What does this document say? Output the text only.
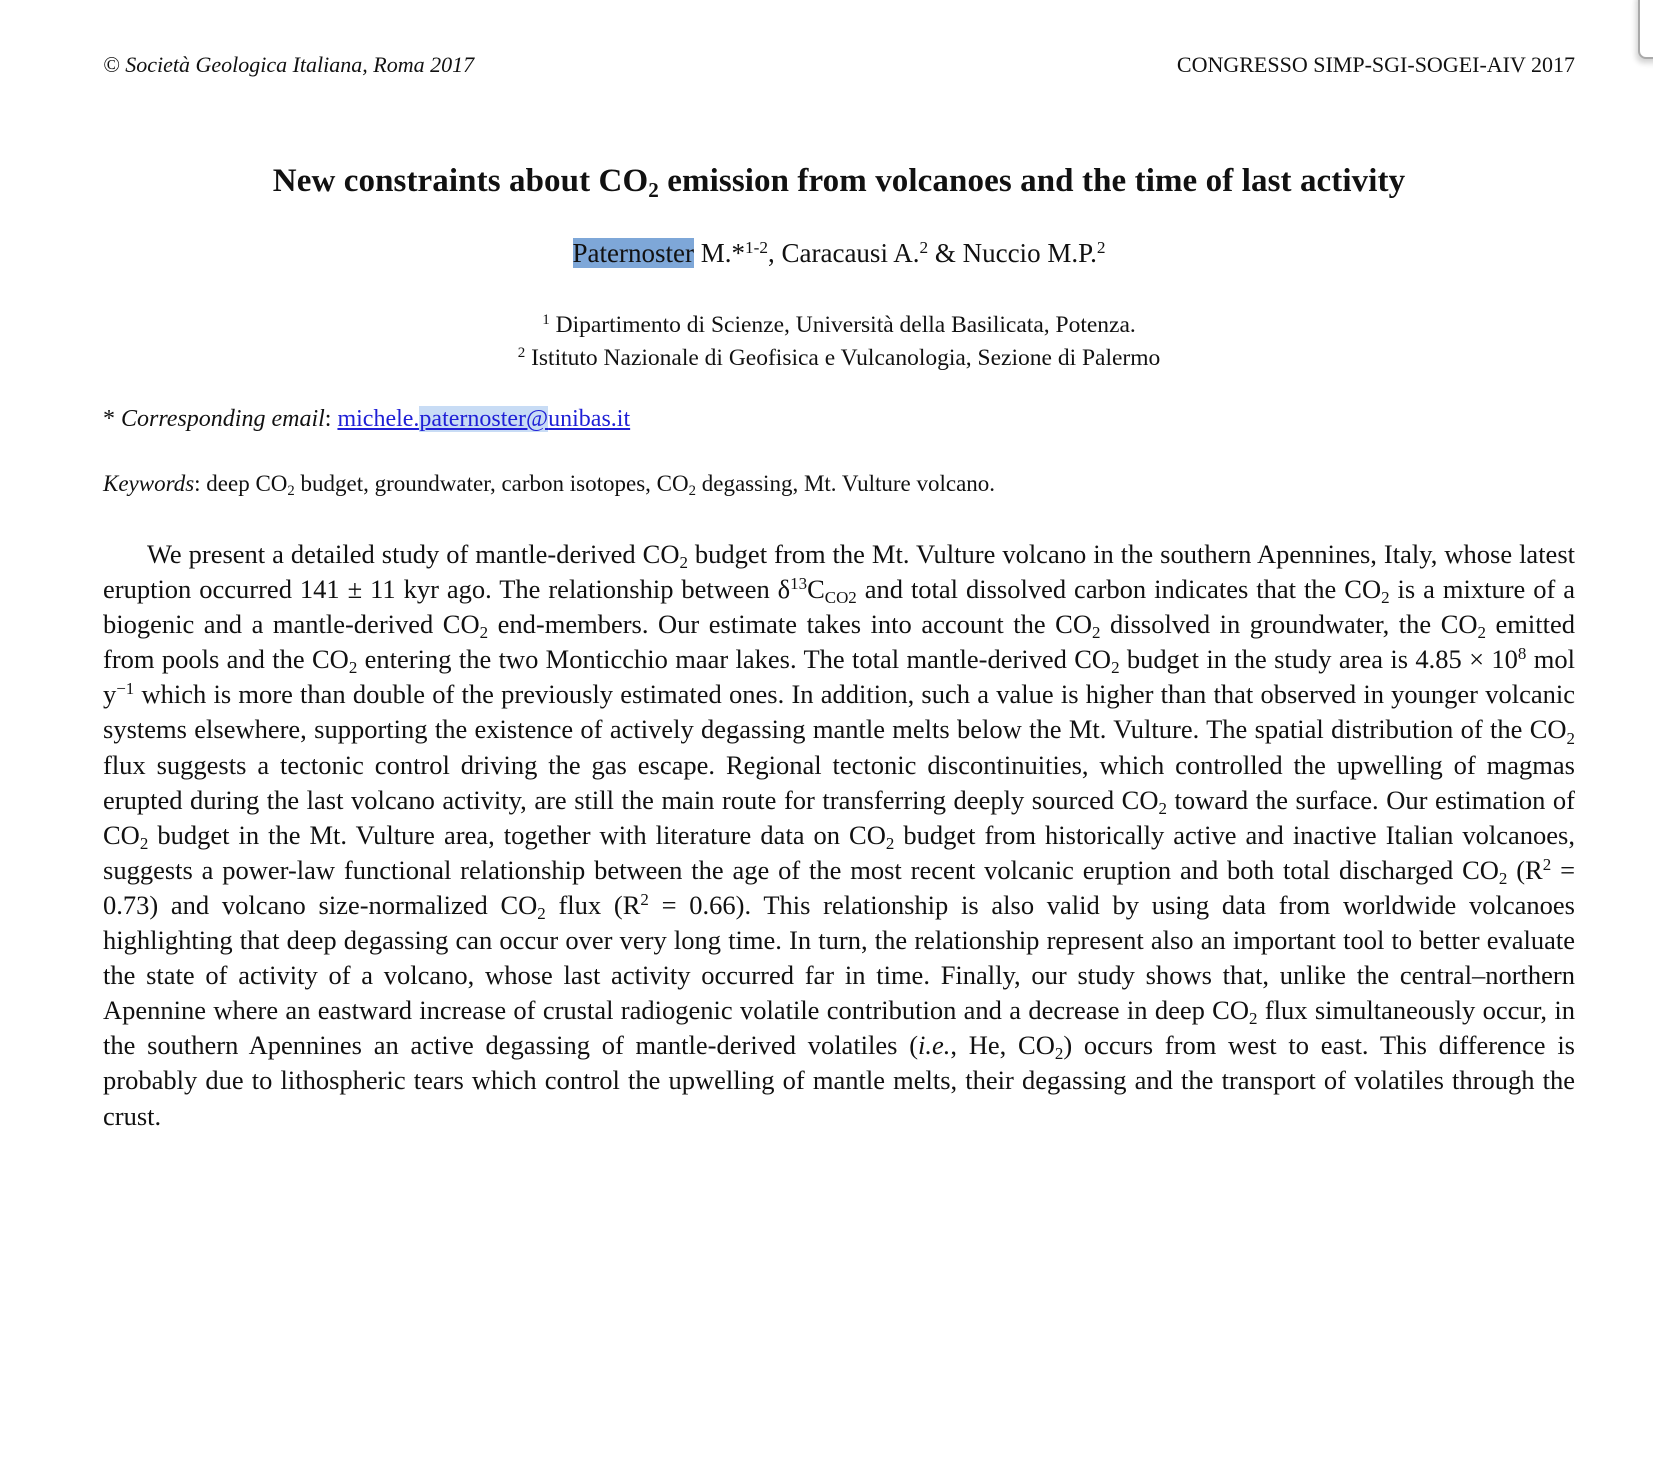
© Società Geologica Italiana, Roma 2017	CONGRESSO SIMP-SGI-SOGEI-AIV 2017
New constraints about $CO_2$ emission from volcanoes and the time of last activity
Paternoster M.*$^{1-2}$, Caracausi A.$^2$ & Nuccio M.P.$^2$
$^1$ Dipartimento di Scienze, Università della Basilicata, Potenza.
$^2$ Istituto Nazionale di Geofisica e Vulcanologia, Sezione di Palermo
* Corresponding email: michele.paternoster@unibas.it
Keywords: deep $CO_2$ budget, groundwater, carbon isotopes, $CO_2$ degassing, Mt. Vulture volcano.

We present a detailed study of mantle-derived $CO_2$ budget from the Mt. Vulture volcano in the southern Apennines, Italy, whose latest eruption occurred 141 ± 11 kyr ago. The relationship between $\delta^{13}C_{CO2}$ and total dissolved carbon indicates that the $CO_2$ is a mixture of a biogenic and a mantle-derived $CO_2$ end-members. Our estimate takes into account the $CO_2$ dissolved in groundwater, the $CO_2$ emitted from pools and the $CO_2$ entering the two Monticchio maar lakes. The total mantle-derived $CO_2$ budget in the study area is $4.85 \times 10^8$ mol $y^{-1}$ which is more than double of the previously estimated ones. In addition, such a value is higher than that observed in younger volcanic systems elsewhere, supporting the existence of actively degassing mantle melts below the Mt. Vulture. The spatial distribution of the $CO_2$ flux suggests a tectonic control driving the gas escape. Regional tectonic discontinuities, which controlled the upwelling of magmas erupted during the last volcano activity, are still the main route for transferring deeply sourced $CO_2$ toward the surface. Our estimation of $CO_2$ budget in the Mt. Vulture area, together with literature data on $CO_2$ budget from historically active and inactive Italian volcanoes, suggests a power-law functional relationship between the age of the most recent volcanic eruption and both total discharged $CO_2$ $(R^2 = 0.73)$ and volcano size-normalized $CO_2$ flux $(R^2 = 0.66)$. This relationship is also valid by using data from worldwide volcanoes highlighting that deep degassing can occur over very long time. In turn, the relationship represent also an important tool to better evaluate the state of activity of a volcano, whose last activity occurred far in time. Finally, our study shows that, unlike the central–northern Apennine where an eastward increase of crustal radiogenic volatile contribution and a decrease in deep $CO_2$ flux simultaneously occur, in the southern Apennines an active degassing of mantle-derived volatiles (i.e., He, $CO_2$) occurs from west to east. This difference is probably due to lithospheric tears which control the upwelling of mantle melts, their degassing and the transport of volatiles through the crust.
